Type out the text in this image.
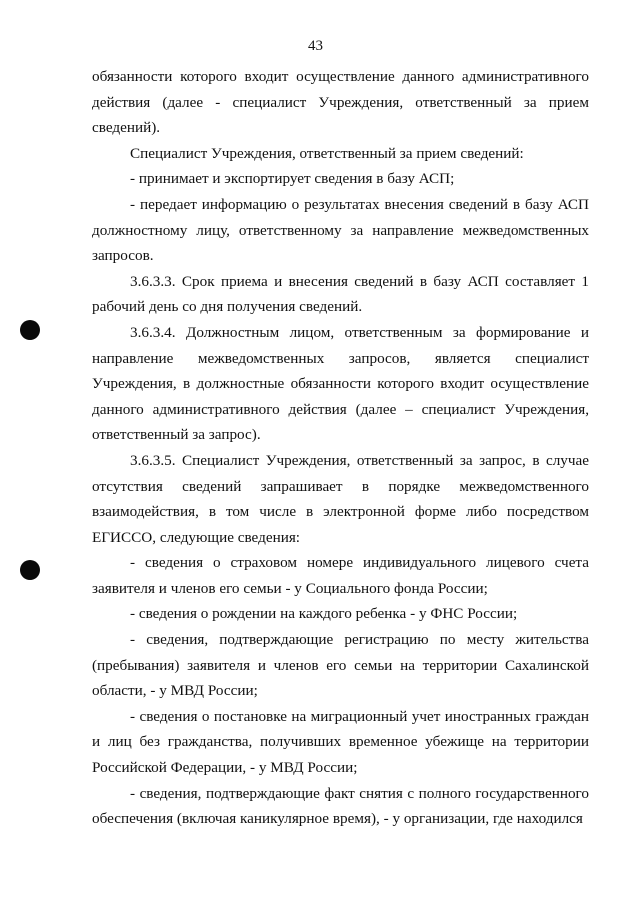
43

обязанности которого входит осуществление данного административного действия (далее - специалист Учреждения, ответственный за прием сведений).

Специалист Учреждения, ответственный за прием сведений:

- принимает и экспортирует сведения в базу АСП;

- передает информацию о результатах внесения сведений в базу АСП должностному лицу, ответственному за направление межведомственных запросов.

3.6.3.3. Срок приема и внесения сведений в базу АСП составляет 1 рабочий день со дня получения сведений.

3.6.3.4. Должностным лицом, ответственным за формирование и направление межведомственных запросов, является специалист Учреждения, в должностные обязанности которого входит осуществление данного административного действия (далее – специалист Учреждения, ответственный за запрос).

3.6.3.5. Специалист Учреждения, ответственный за запрос, в случае отсутствия сведений запрашивает в порядке межведомственного взаимодействия, в том числе в электронной форме либо посредством ЕГИССО, следующие сведения:

- сведения о страховом номере индивидуального лицевого счета заявителя и членов его семьи - у Социального фонда России;

- сведения о рождении на каждого ребенка - у ФНС России;

- сведения, подтверждающие регистрацию по месту жительства (пребывания) заявителя и членов его семьи на территории Сахалинской области, - у МВД России;

- сведения о постановке на миграционный учет иностранных граждан и лиц без гражданства, получивших временное убежище на территории Российской Федерации, - у МВД России;

- сведения, подтверждающие факт снятия с полного государственного обеспечения (включая каникулярное время), - у организации, где находился
